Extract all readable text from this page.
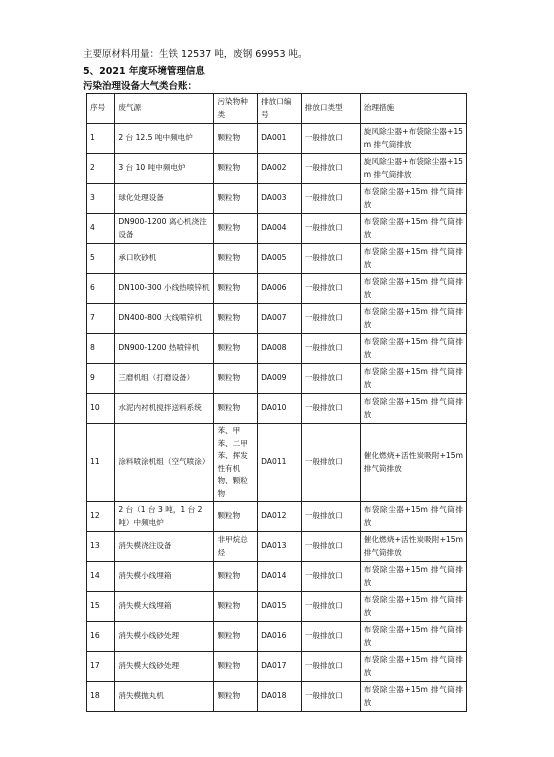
主要原材料用量：生铁 12537 吨，废钢 69953 吨。
5、2021 年度环境管理信息
污染治理设备大气类台账：
序号	废气源	污染物种类	排放口编号	排放口类型	治理措施
1	2 台 12.5 吨中频电炉	颗粒物	DA001	一般排放口	旋风除尘器+布袋除尘器+15m 排气筒排放
2	3 台 10 吨中频电炉	颗粒物	DA002	一般排放口	旋风除尘器+布袋除尘器+15m 排气筒排放
3	球化处理设备	颗粒物	DA003	一般排放口	布袋除尘器+15m 排气筒排放
4	DN900-1200 离心机浇注设备	颗粒物	DA004	一般排放口	布袋除尘器+15m 排气筒排放
5	承口吹砂机	颗粒物	DA005	一般排放口	布袋除尘器+15m 排气筒排放
6	DN100-300 小线热喷锌机	颗粒物	DA006	一般排放口	布袋除尘器+15m 排气筒排放
7	DN400-800 大线喷锌机	颗粒物	DA007	一般排放口	布袋除尘器+15m 排气筒排放
8	DN900-1200 热喷锌机	颗粒物	DA008	一般排放口	布袋除尘器+15m 排气筒排放
9	三磨机组（打磨设备）	颗粒物	DA009	一般排放口	布袋除尘器+15m 排气筒排放
10	水泥内衬机搅拌送料系统	颗粒物	DA010	一般排放口	布袋除尘器+15m 排气筒排放
11	涂料喷涂机组（空气喷涂）	苯、甲苯、二甲苯、挥发性有机物、颗粒物	DA011	一般排放口	催化燃烧+活性炭吸附+15m 排气筒排放
12	2 台（1 台 3 吨，1 台 2 吨）中频电炉	颗粒物	DA012	一般排放口	布袋除尘器+15m 排气筒排放
13	消失模浇注设备	非甲烷总烃	DA013	一般排放口	催化燃烧+活性炭吸附+15m 排气筒排放
14	消失模小线埋箱	颗粒物	DA014	一般排放口	布袋除尘器+15m 排气筒排放
15	消失模大线埋箱	颗粒物	DA015	一般排放口	布袋除尘器+15m 排气筒排放
16	消失模小线砂处理	颗粒物	DA016	一般排放口	布袋除尘器+15m 排气筒排放
17	消失模大线砂处理	颗粒物	DA017	一般排放口	布袋除尘器+15m 排气筒排放
18	消失模抛丸机	颗粒物	DA018	一般排放口	布袋除尘器+15m 排气筒排放
